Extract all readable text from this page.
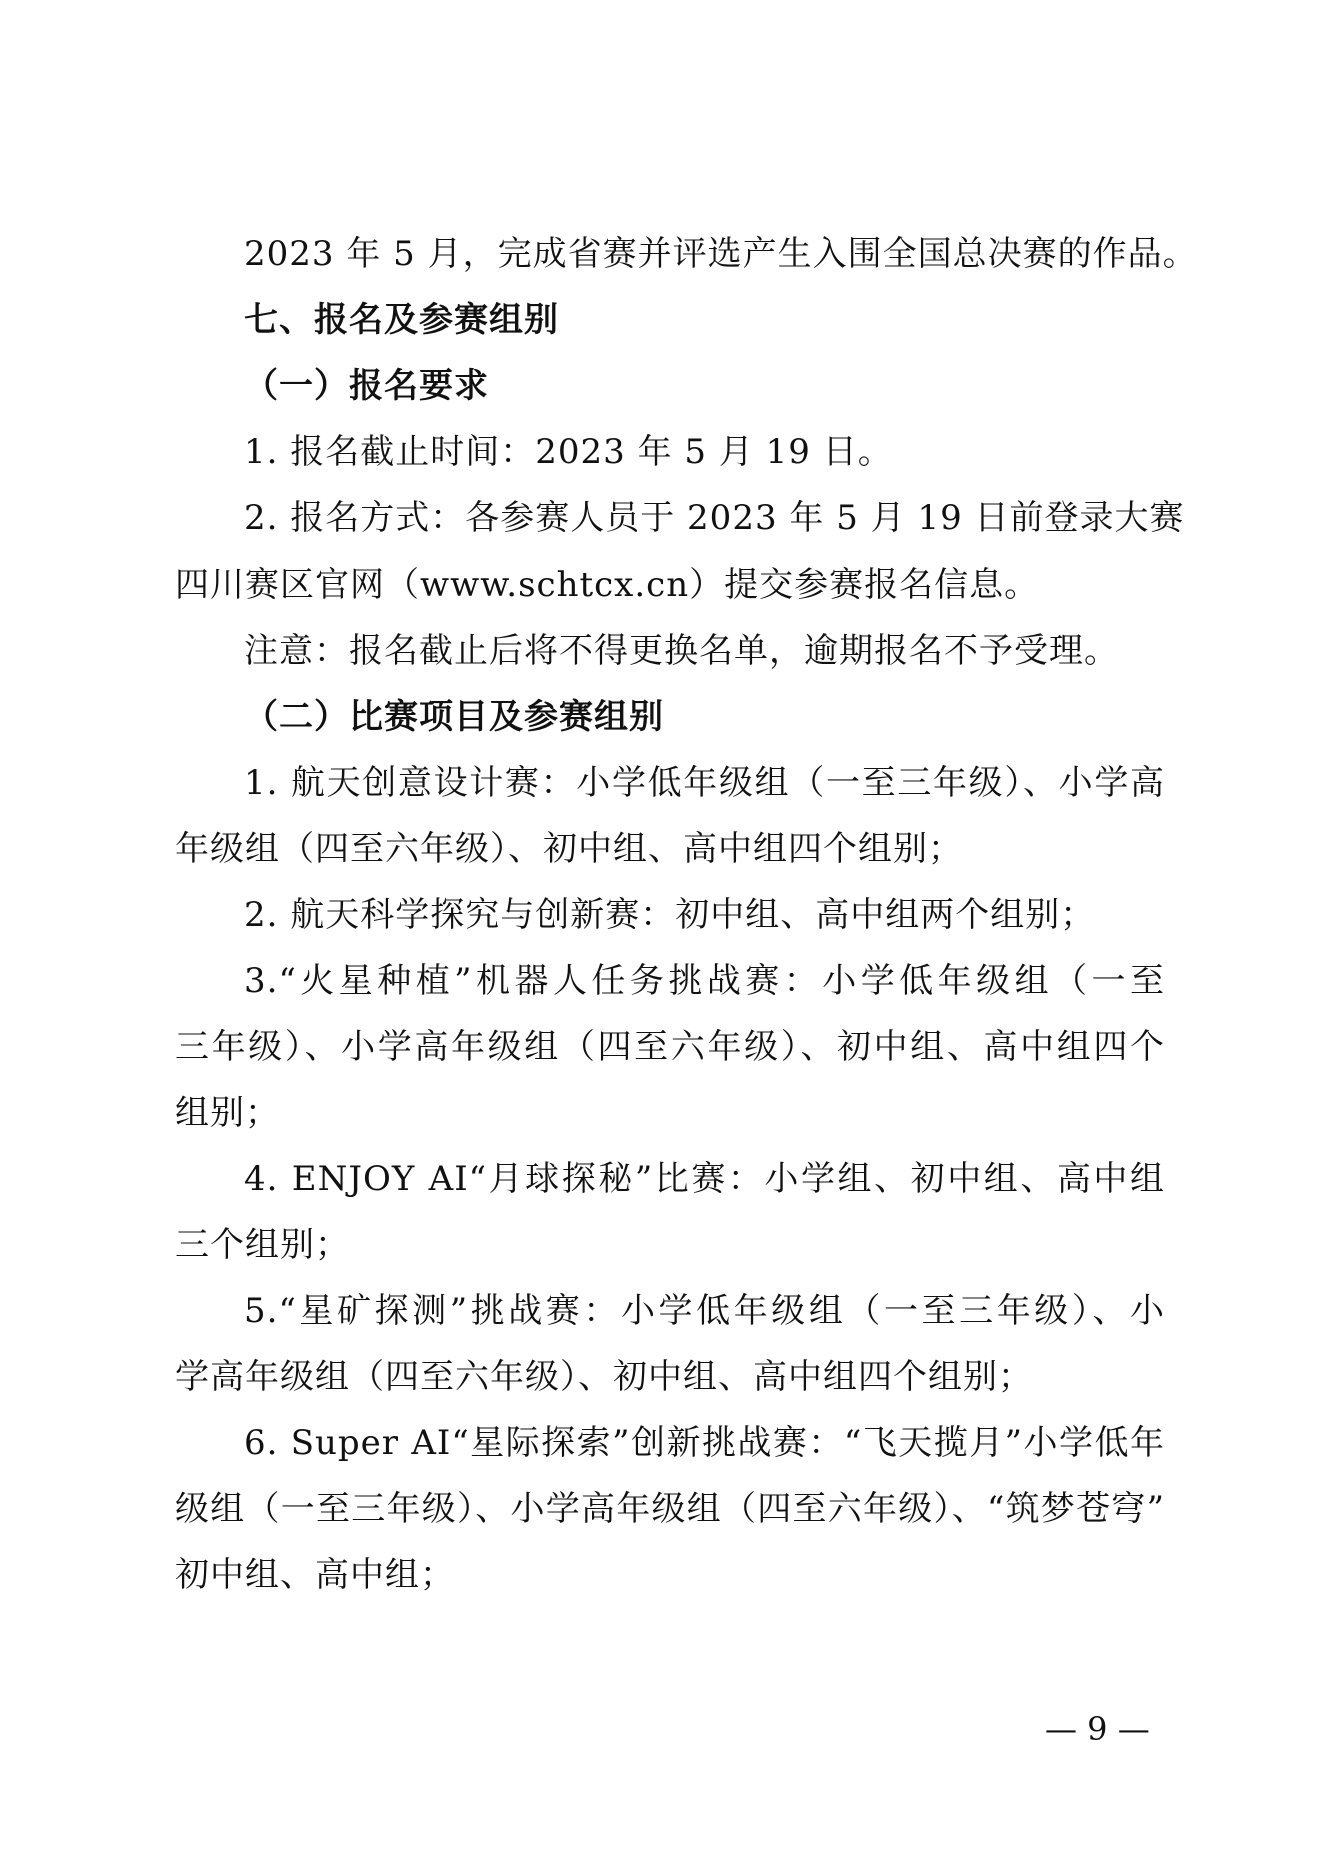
2023 年 5 月，完成省赛并评选产生入围全国总决赛的作品。
七、报名及参赛组别
（一）报名要求
1. 报名截止时间：2023 年 5 月 19 日。
2. 报名方式：各参赛人员于 2023 年 5 月 19 日前登录大赛
四川赛区官网（www.schtcx.cn）提交参赛报名信息。
注意：报名截止后将不得更换名单，逾期报名不予受理。
（二）比赛项目及参赛组别
1. 航天创意设计赛：小学低年级组（一至三年级）、小学高
年级组（四至六年级）、初中组、高中组四个组别；
2. 航天科学探究与创新赛：初中组、高中组两个组别；
3.“火星种植”机器人任务挑战赛：小学低年级组（一至
三年级）、小学高年级组（四至六年级）、初中组、高中组四个
组别；
4. ENJOY AI“月球探秘”比赛：小学组、初中组、高中组
三个组别；
5.“星矿探测”挑战赛：小学低年级组（一至三年级）、小
学高年级组（四至六年级）、初中组、高中组四个组别；
6. Super AI“星际探索”创新挑战赛：“飞天揽月”小学低年
级组（一至三年级）、小学高年级组（四至六年级）、“筑梦苍穹”
初中组、高中组；
— 9 —
